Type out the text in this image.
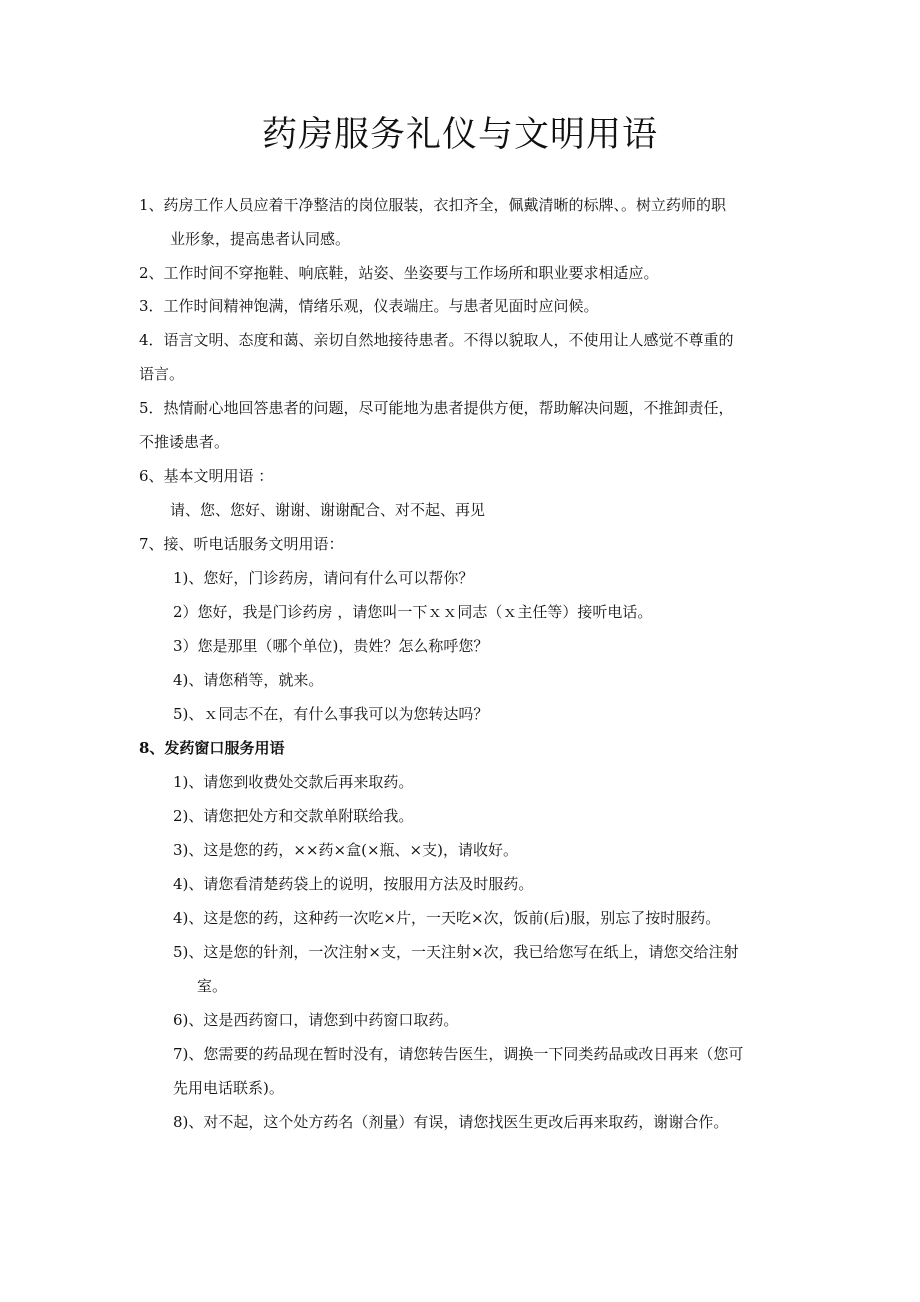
药房服务礼仪与文明用语
1、药房工作人员应着干净整洁的岗位服装，衣扣齐全，佩戴清晰的标牌、。树立药师的职
业形象，提高患者认同感。
2、工作时间不穿拖鞋、响底鞋，站姿、坐姿要与工作场所和职业要求相适应。
3．工作时间精神饱满，情绪乐观，仪表端庄。与患者见面时应问候。
4．语言文明、态度和蔼、亲切自然地接待患者。不得以貌取人，不使用让人感觉不尊重的
语言。
5．热情耐心地回答患者的问题，尽可能地为患者提供方便，帮助解决问题，不推卸责任，
不推诿患者。
6、基本文明用语 ：
请、您、您好、谢谢、谢谢配合、对不起、再见
7、接、听电话服务文明用语：
1)、您好，门诊药房，请问有什么可以帮你？
2）您好，我是门诊药房 ，请您叫一下ｘｘ同志（ｘ主任等）接听电话。
3）您是那里（哪个单位)，贵姓？怎么称呼您？
4)、请您稍等，就来。
5)、ｘ同志不在，有什么事我可以为您转达吗？
8、发药窗口服务用语
1)、请您到收费处交款后再来取药。
2)、请您把处方和交款单附联给我。
3)、这是您的药，××药×盒(×瓶、×支)，请收好。
4)、请您看清楚药袋上的说明，按服用方法及时服药。
4)、这是您的药，这种药一次吃×片，一天吃×次，饭前(后)服，别忘了按时服药。
5)、这是您的针剂，一次注射×支，一天注射×次，我已给您写在纸上，请您交给注射
室。
6)、这是西药窗口，请您到中药窗口取药。
7)、您需要的药品现在暂时没有，请您转告医生，调换一下同类药品或改日再来（您可
先用电话联系)。
8)、对不起，这个处方药名（剂量）有误，请您找医生更改后再来取药，谢谢合作。
